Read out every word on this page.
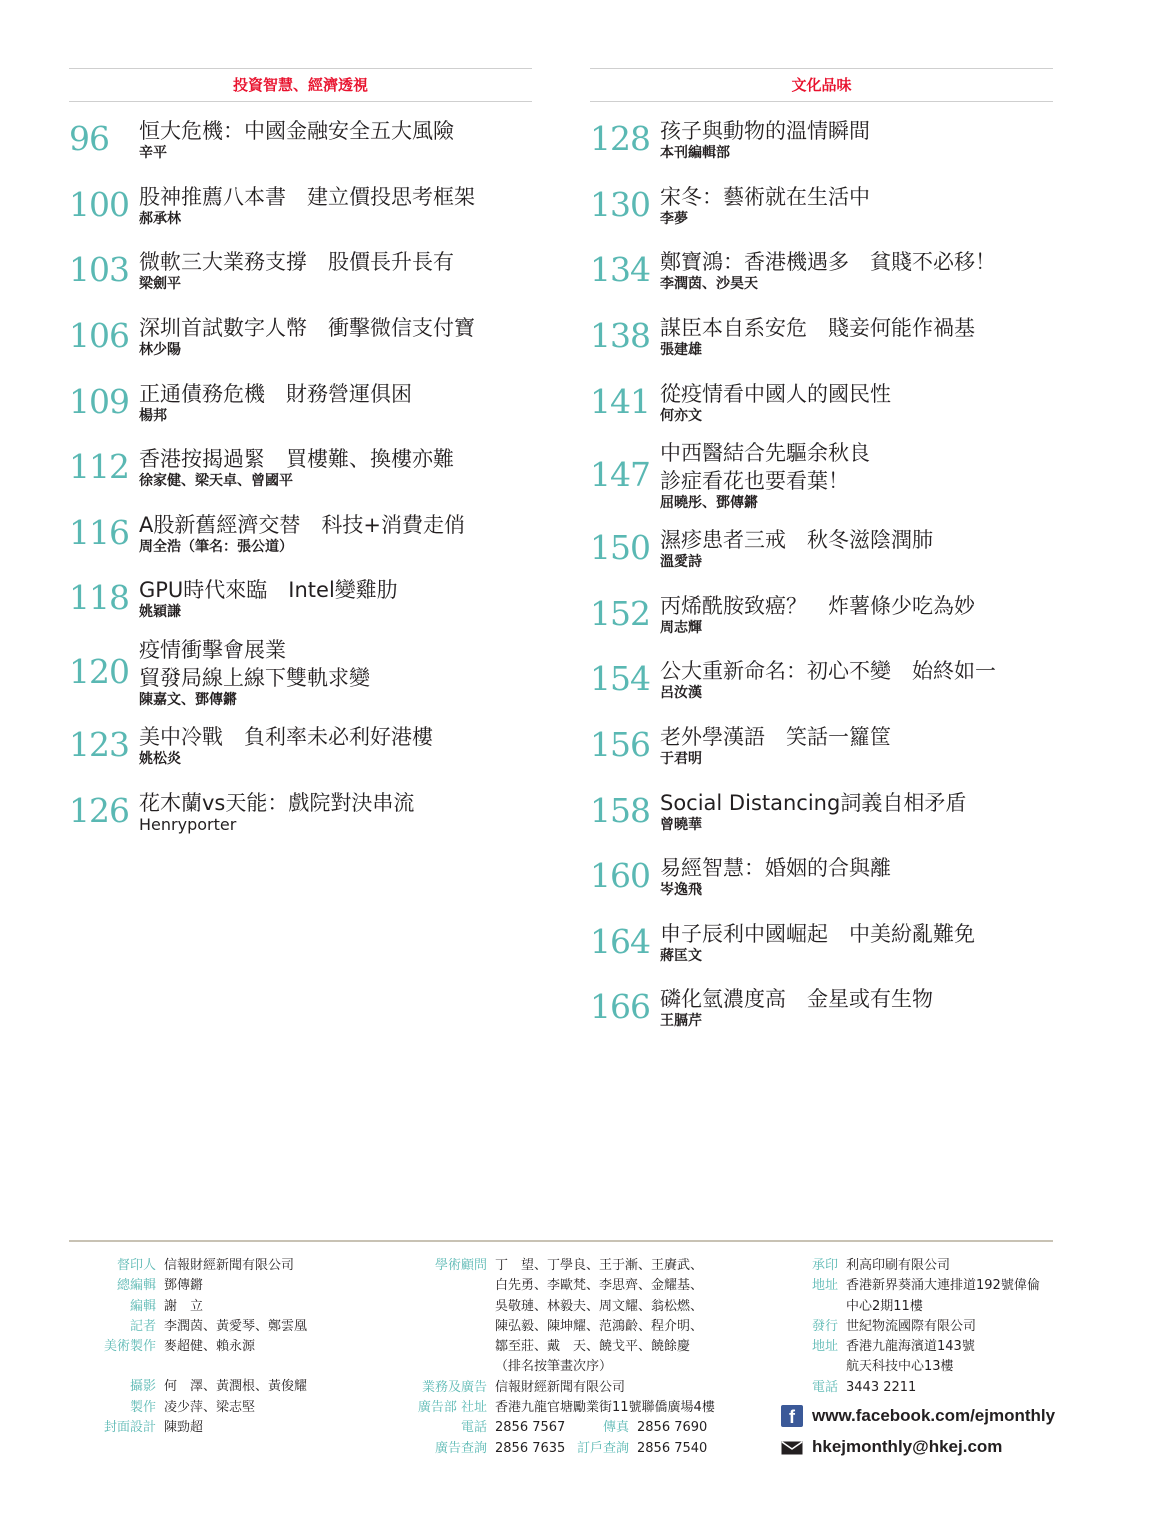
投資智慧、經濟透視
96	恒大危機：中國金融安全五大風險
辛平
100 股神推薦八本書　建立價投思考框架
郝承林
103 微軟三大業務支撐　股價長升長有
梁劍平
106 深圳首試數字人幣　衝擊微信支付寶
林少陽
109 正通債務危機　財務營運俱困
楊邦
112 香港按揭過緊　買樓難、換樓亦難
徐家健、梁天卓、曾國平
116 A股新舊經濟交替　科技+消費走俏
周全浩（筆名：張公道）
118 GPU時代來臨　Intel變雞肋
姚穎謙
120
疫情衝擊會展業
貿發局線上線下雙軌求變
陳嘉文、鄧傳鏘
123 美中冷戰　負利率未必利好港樓
姚松炎
126 花木蘭vs天能：戲院對決串流
Henryporter
文化品味
128 孩子與動物的溫情瞬間
本刊編輯部
130 宋冬：藝術就在生活中
李夢
134 鄭寶鴻：香港機遇多　貧賤不必移！
李潤茵、沙昊天
138 謀臣本自系安危　賤妾何能作禍基
張建雄
141 從疫情看中國人的國民性
何亦文
147
中西醫結合先驅余秋良
診症看花也要看葉！
屈曉彤、鄧傳鏘
150 濕疹患者三戒　秋冬滋陰潤肺
溫愛詩
152 丙烯酰胺致癌？　炸薯條少吃為妙
周志輝
154 公大重新命名：初心不變　始終如一
呂汝漢
156 老外學漢語　笑話一籮筐
于君明
158 Social Distancing詞義自相矛盾
曾曉華
160 易經智慧：婚姻的合與離
岑逸飛
164 申子辰利中國崛起　中美紛亂難免
蔣匡文
166 磷化氫濃度高　金星或有生物
王膈芹
督印人 信報財經新聞有限公司
總編輯 鄧傳鏘
編輯 謝　立
記者 李潤茵、黃愛琴、鄭雲凰
美術製作 麥超健、賴永源
攝影 何　澤、黃潤根、黃俊耀
製作 凌少萍、梁志堅
封面設計 陳勁超
學術顧問 丁　望、丁學良、王于漸、王賡武、
白先勇、李歐梵、李思齊、金耀基、
吳敬璉、林毅夫、周文耀、翁松燃、
陳弘毅、陳坤耀、范鴻齡、程介明、
鄒至莊、戴　天、饒戈平、饒餘慶
（排名按筆畫次序）
業務及廣告 信報財經新聞有限公司
廣告部 社址 香港九龍官塘勵業街11號聯僑廣場4樓
電話 2856 7567	傳真 2856 7690
廣告查詢 2856 7635 訂戶查詢 2856 7540
承印 利高印刷有限公司
地址 香港新界葵涌大連排道192號偉倫
中心2期11樓
發行 世紀物流國際有限公司
地址 香港九龍海濱道143號
航天科技中心13樓
電話 3443 2211
f	www.facebook.com/ejmonthly
hkejmonthly@hkej.com
